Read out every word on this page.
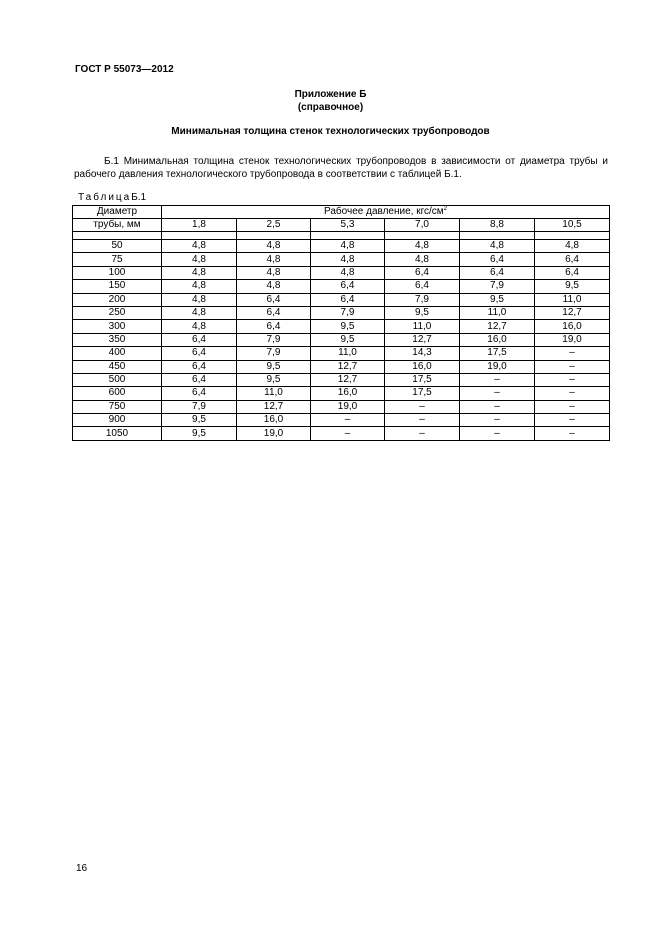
ГОСТ Р 55073—2012
Приложение Б
(справочное)
Минимальная толщина стенок технологических трубопроводов
Б.1 Минимальная толщина стенок технологических трубопроводов в зависимости от диаметра трубы и рабочего давления технологического трубопровода в соответствии с таблицей Б.1.
ТаблицаБ.1
Диаметр	Рабочее давление, кгс/$см^2$
трубы, мм	1,8	2,5	5,3	7,0	8,8	10,5

50	4,8	4,8	4,8	4,8	4,8	4,8
75	4,8	4,8	4,8	4,8	6,4	6,4
100	4,8	4,8	4,8	6,4	6,4	6,4
150	4,8	4,8	6,4	6,4	7,9	9,5
200	4,8	6,4	6,4	7,9	9,5	11,0
250	4,8	6,4	7,9	9,5	11,0	12,7
300	4,8	6,4	9,5	11,0	12,7	16,0
350	6,4	7,9	9,5	12,7	16,0	19,0
400	6,4	7,9	11,0	14,3	17,5	–
450	6,4	9,5	12,7	16,0	19,0	–
500	6,4	9,5	12,7	17,5	–	–
600	6,4	11,0	16,0	17,5	–	–
750	7,9	12,7	19,0	–	–	–
900	9,5	16,0	–	–	–	–
1050	9,5	19,0	–	–	–	–
16
